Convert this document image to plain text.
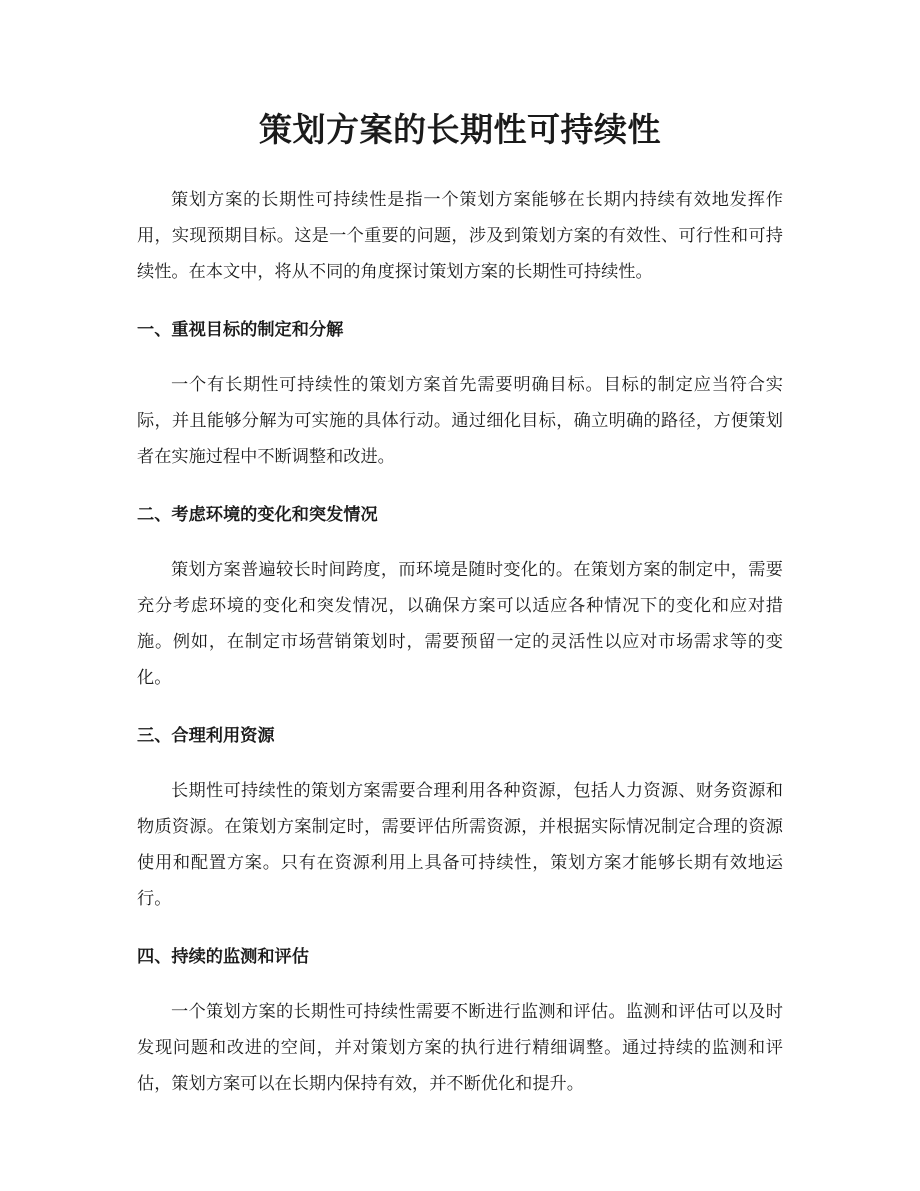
策划方案的长期性可持续性

策划方案的长期性可持续性是指一个策划方案能够在长期内持续有效地发挥作用，实现预期目标。这是一个重要的问题，涉及到策划方案的有效性、可行性和可持续性。在本文中，将从不同的角度探讨策划方案的长期性可持续性。

一、重视目标的制定和分解

一个有长期性可持续性的策划方案首先需要明确目标。目标的制定应当符合实际，并且能够分解为可实施的具体行动。通过细化目标，确立明确的路径，方便策划者在实施过程中不断调整和改进。

二、考虑环境的变化和突发情况

策划方案普遍较长时间跨度，而环境是随时变化的。在策划方案的制定中，需要充分考虑环境的变化和突发情况，以确保方案可以适应各种情况下的变化和应对措施。例如，在制定市场营销策划时，需要预留一定的灵活性以应对市场需求等的变化。

三、合理利用资源

长期性可持续性的策划方案需要合理利用各种资源，包括人力资源、财务资源和物质资源。在策划方案制定时，需要评估所需资源，并根据实际情况制定合理的资源使用和配置方案。只有在资源利用上具备可持续性，策划方案才能够长期有效地运行。

四、持续的监测和评估

一个策划方案的长期性可持续性需要不断进行监测和评估。监测和评估可以及时发现问题和改进的空间，并对策划方案的执行进行精细调整。通过持续的监测和评估，策划方案可以在长期内保持有效，并不断优化和提升。
